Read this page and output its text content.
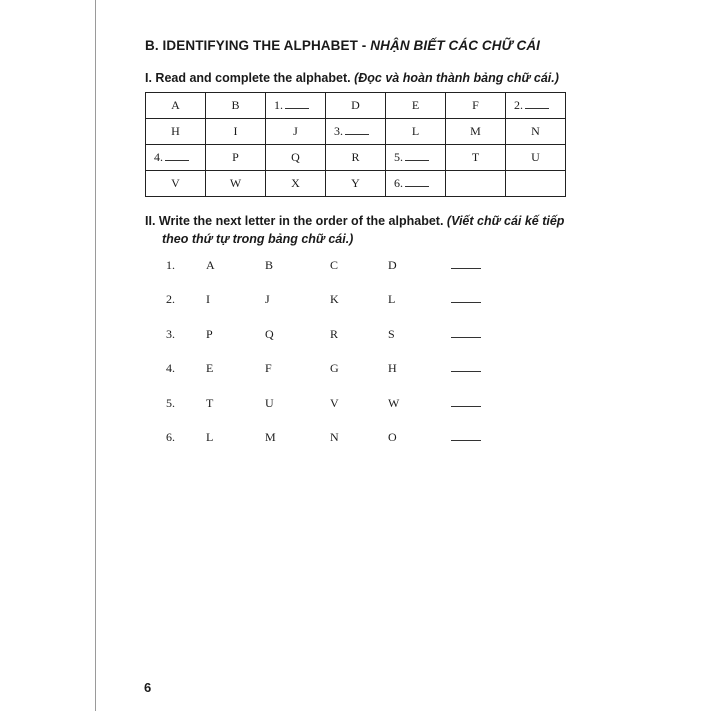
B. IDENTIFYING THE ALPHABET - NHẬN BIẾT CÁC CHỮ CÁI
I. Read and complete the alphabet. (Đọc và hoàn thành bảng chữ cái.)
A	B	1.	D	E	F	2.
H	I	J	3.	L	M	N
4.	P	Q	R	5.	T	U
V	W	X	Y	6.		
II. Write the next letter in the order of the alphabet. (Viết chữ cái kế tiếp
theo thứ tự trong bảng chữ cái.)
1.	A	B	C	D
2.	I	J	K	L
3.	P	Q	R	S
4.	E	F	G	H
5.	T	U	V	W
6.	L	M	N	O
6
